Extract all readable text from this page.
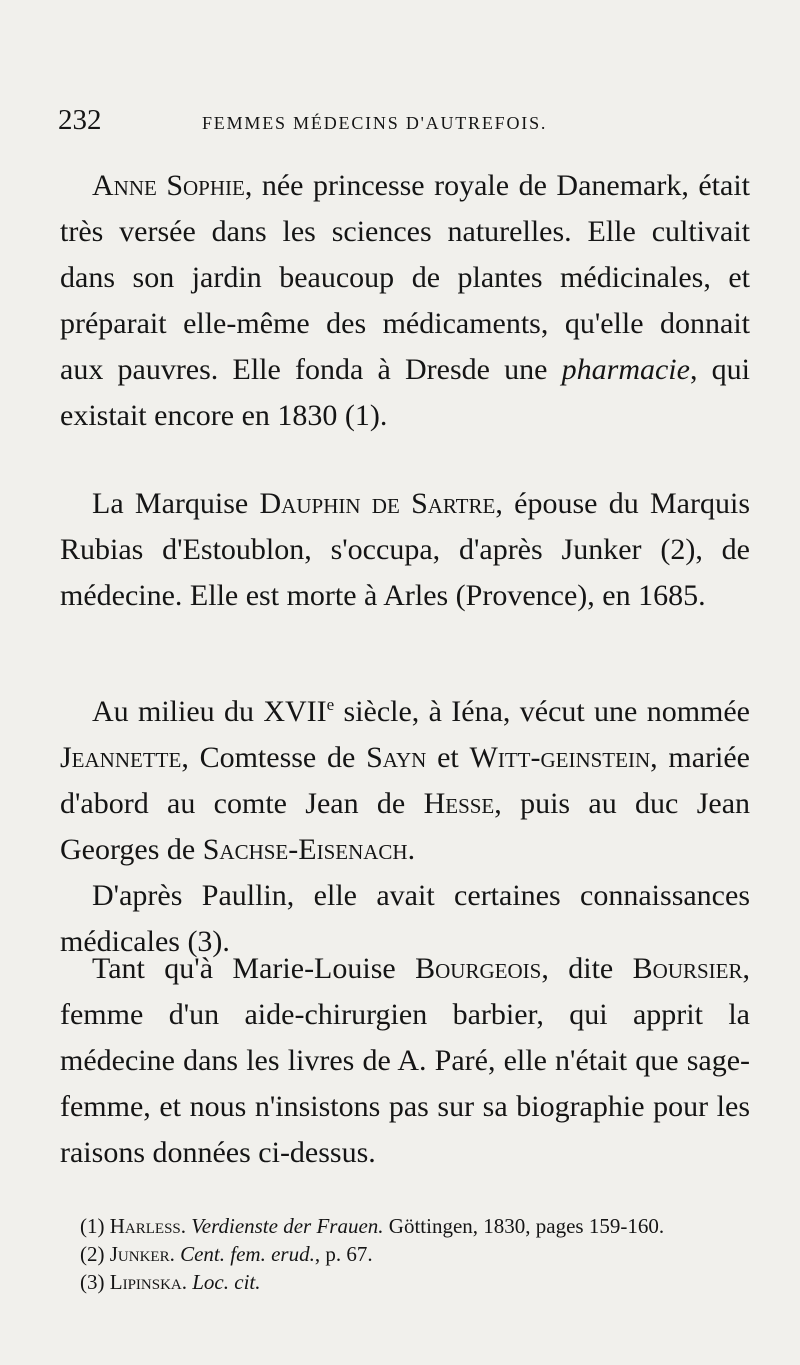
232	FEMMES MÉDECINS D'AUTREFOIS.

Anne Sophie, née princesse royale de Danemark, était très versée dans les sciences naturelles. Elle cultivait dans son jardin beaucoup de plantes médicinales, et préparait elle-même des médicaments, qu'elle donnait aux pauvres. Elle fonda à Dresde une pharmacie, qui existait encore en 1830 (1).

La Marquise Dauphin de Sartre, épouse du Marquis Rubias d'Estoublon, s'occupa, d'après Junker (2), de médecine. Elle est morte à Arles (Provence), en 1685.

Au milieu du XVIIe siècle, à Iéna, vécut une nommée Jeannette, Comtesse de Sayn et Witt-geinstein, mariée d'abord au comte Jean de Hesse, puis au duc Jean Georges de Sachse-Eisenach.

D'après Paullin, elle avait certaines connaissances médicales (3).

Tant qu'à Marie-Louise Bourgeois, dite Boursier, femme d'un aide-chirurgien barbier, qui apprit la médecine dans les livres de A. Paré, elle n'était que sage-femme, et nous n'insistons pas sur sa biographie pour les raisons données ci-dessus.

(1) Harless. Verdienste der Frauen. Göttingen, 1830, pages 159-160.

(2) Junker. Cent. fem. erud., p. 67.

(3) Lipinska. Loc. cit.
